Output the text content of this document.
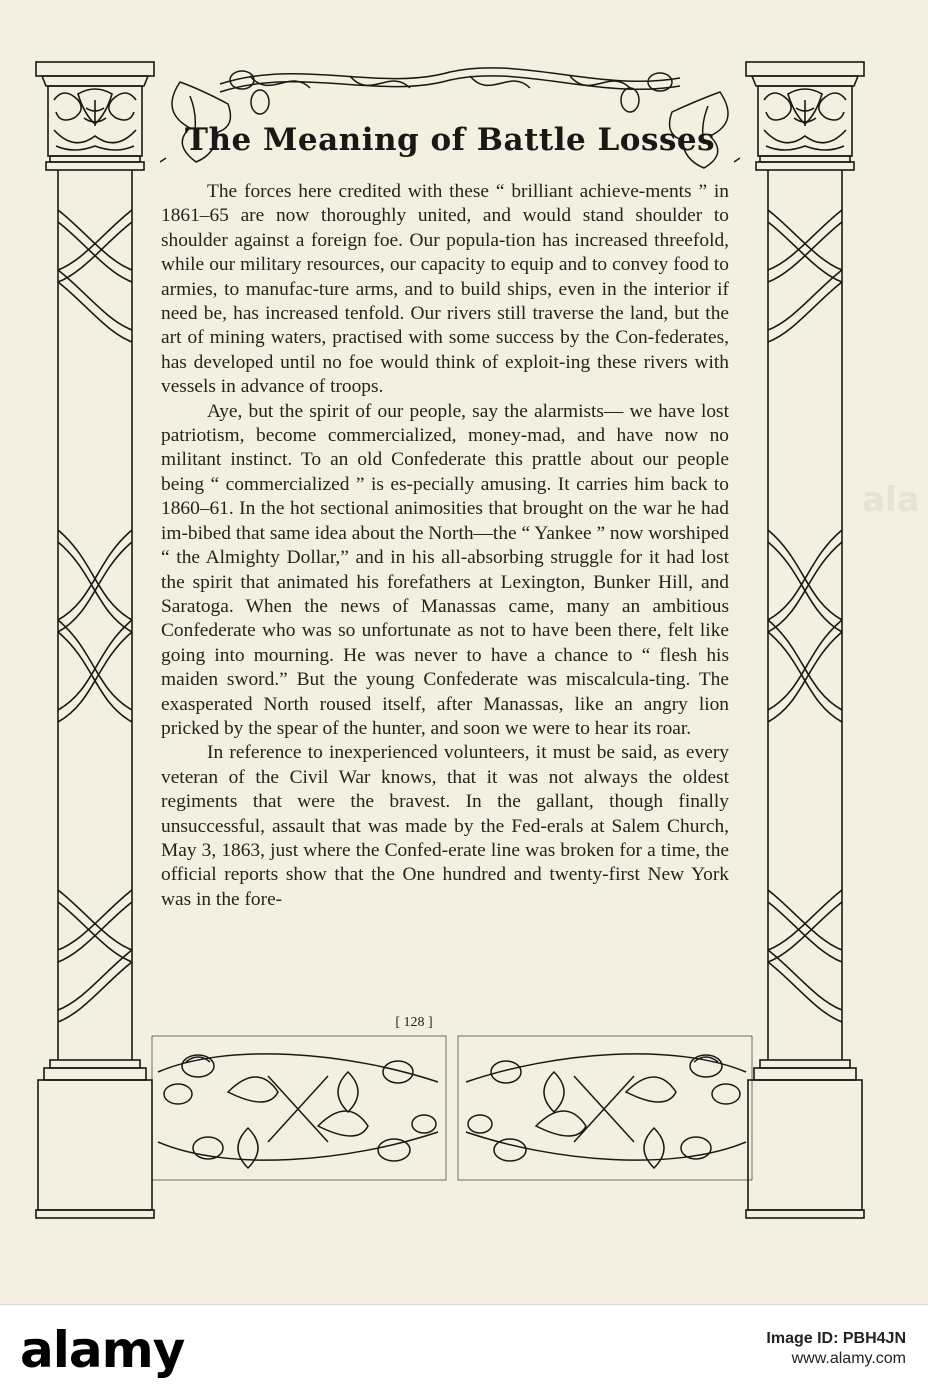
The Meaning of Battle Losses

The forces here credited with these “ brilliant achieve-ments ” in 1861–65 are now thoroughly united, and would stand shoulder to shoulder against a foreign foe. Our popula-tion has increased threefold, while our military resources, our capacity to equip and to convey food to armies, to manufac-ture arms, and to build ships, even in the interior if need be, has increased tenfold. Our rivers still traverse the land, but the art of mining waters, practised with some success by the Con-federates, has developed until no foe would think of exploit-ing these rivers with vessels in advance of troops.

Aye, but the spirit of our people, say the alarmists— we have lost patriotism, become commercialized, money-mad, and have now no militant instinct. To an old Confederate this prattle about our people being “ commercialized ” is es-pecially amusing. It carries him back to 1860–61. In the hot sectional animosities that brought on the war he had im-bibed that same idea about the North—the “ Yankee ” now worshiped “ the Almighty Dollar,” and in his all-absorbing struggle for it had lost the spirit that animated his forefathers at Lexington, Bunker Hill, and Saratoga. When the news of Manassas came, many an ambitious Confederate who was so unfortunate as not to have been there, felt like going into mourning. He was never to have a chance to “ flesh his maiden sword.” But the young Confederate was miscalcula-ting. The exasperated North roused itself, after Manassas, like an angry lion pricked by the spear of the hunter, and soon we were to hear its roar.

In reference to inexperienced volunteers, it must be said, as every veteran of the Civil War knows, that it was not always the oldest regiments that were the bravest. In the gallant, though finally unsuccessful, assault that was made by the Fed-erals at Salem Church, May 3, 1863, just where the Confed-erate line was broken for a time, the official reports show that the One hundred and twenty-first New York was in the fore-

[ 128 ]
ala
alamy	Image ID: PBH4JN
www.alamy.com
